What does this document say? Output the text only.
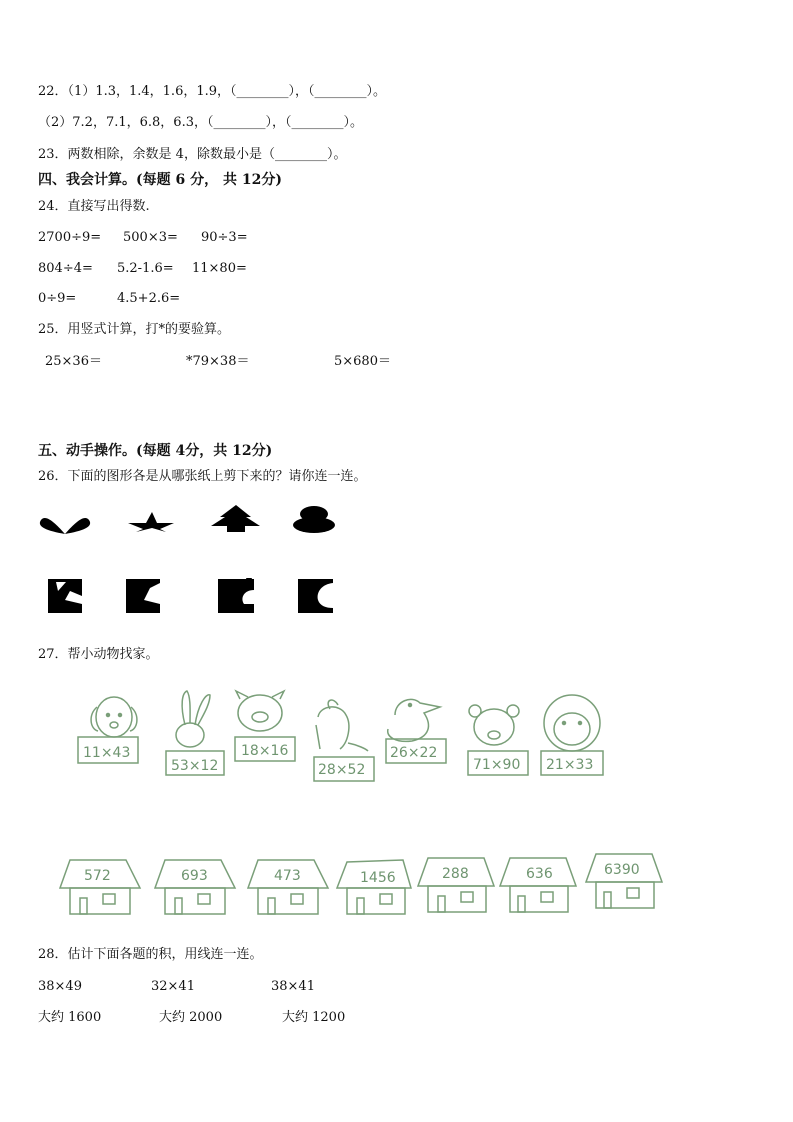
22．（1）1.3，1.4，1.6，1.9，（________），（________）。
（2）7.2，7.1，6.8，6.3，（________），（________）。
23．两数相除，余数是 4，除数最小是（________）。
四、我会计算。(每题 6 分， 共 12分)
24．直接写出得数.
2700÷9= 500×3= 90÷3=
804÷4= 5.2-1.6= 11×80=
0÷9=	4.5+2.6=
25．用竖式计算，打*的要验算。
25×36＝	*79×38＝	5×680＝
五、动手操作。(每题 4分，共 12分)
26．下面的图形各是从哪张纸上剪下来的？请你连一连。
27．帮小动物找家。
11×43
53×12
18×16
28×52
26×22
71×90 21×33
572	693	473	1456	288	636	6390
28．估计下面各题的积，用线连一连。
38×49	32×41	38×41
大约 1600	大约 2000	大约 1200
